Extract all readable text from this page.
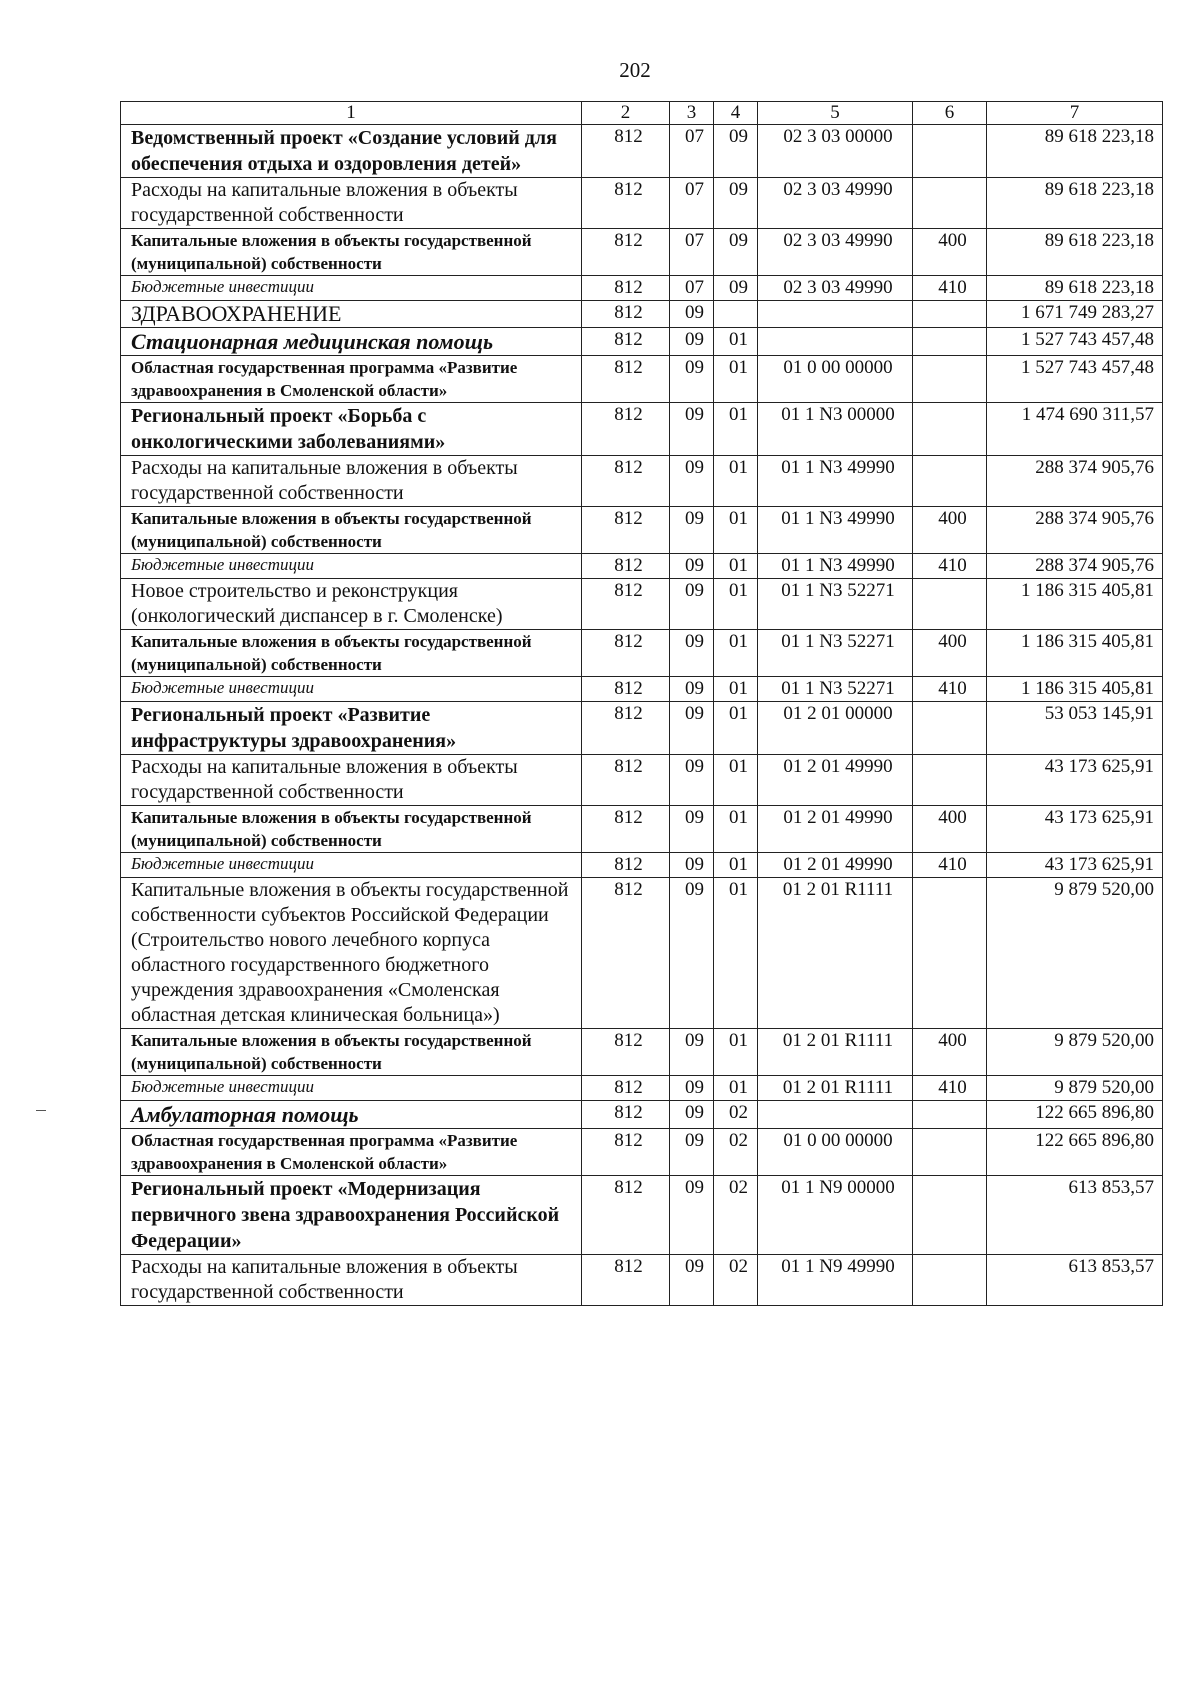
202
1	2	3	4	5	6	7
Ведомственный проект «Создание условий для обеспечения отдыха и оздоровления детей»	812	07	09	02 3 03 00000		89 618 223,18
Расходы на капитальные вложения в объекты государственной собственности	812	07	09	02 3 03 49990		89 618 223,18
Капитальные вложения в объекты государственной (муниципальной) собственности	812	07	09	02 3 03 49990	400	89 618 223,18
Бюджетные инвестиции	812	07	09	02 3 03 49990	410	89 618 223,18
ЗДРАВООХРАНЕНИЕ	812	09				1 671 749 283,27
Стационарная медицинская помощь	812	09	01			1 527 743 457,48
Областная государственная программа «Развитие здравоохранения в Смоленской области»	812	09	01	01 0 00 00000		1 527 743 457,48
Региональный проект «Борьба с онкологическими заболеваниями»	812	09	01	01 1 N3 00000		1 474 690 311,57
Расходы на капитальные вложения в объекты государственной собственности	812	09	01	01 1 N3 49990		288 374 905,76
Капитальные вложения в объекты государственной (муниципальной) собственности	812	09	01	01 1 N3 49990	400	288 374 905,76
Бюджетные инвестиции	812	09	01	01 1 N3 49990	410	288 374 905,76
Новое строительство и реконструкция (онкологический диспансер в г. Смоленске)	812	09	01	01 1 N3 52271		1 186 315 405,81
Капитальные вложения в объекты государственной (муниципальной) собственности	812	09	01	01 1 N3 52271	400	1 186 315 405,81
Бюджетные инвестиции	812	09	01	01 1 N3 52271	410	1 186 315 405,81
Региональный проект «Развитие инфраструктуры здравоохранения»	812	09	01	01 2 01 00000		53 053 145,91
Расходы на капитальные вложения в объекты государственной собственности	812	09	01	01 2 01 49990		43 173 625,91
Капитальные вложения в объекты государственной (муниципальной) собственности	812	09	01	01 2 01 49990	400	43 173 625,91
Бюджетные инвестиции	812	09	01	01 2 01 49990	410	43 173 625,91
Капитальные вложения в объекты государственной собственности субъектов Российской Федерации (Строительство нового лечебного корпуса областного государственного бюджетного учреждения здравоохранения «Смоленская областная детская клиническая больница»)	812	09	01	01 2 01 R1111		9 879 520,00
Капитальные вложения в объекты государственной (муниципальной) собственности	812	09	01	01 2 01 R1111	400	9 879 520,00
Бюджетные инвестиции	812	09	01	01 2 01 R1111	410	9 879 520,00
Амбулаторная помощь	812	09	02			122 665 896,80
Областная государственная программа «Развитие здравоохранения в Смоленской области»	812	09	02	01 0 00 00000		122 665 896,80
Региональный проект «Модернизация первичного звена здравоохранения Российской Федерации»	812	09	02	01 1 N9 00000		613 853,57
Расходы на капитальные вложения в объекты государственной собственности	812	09	02	01 1 N9 49990		613 853,57
